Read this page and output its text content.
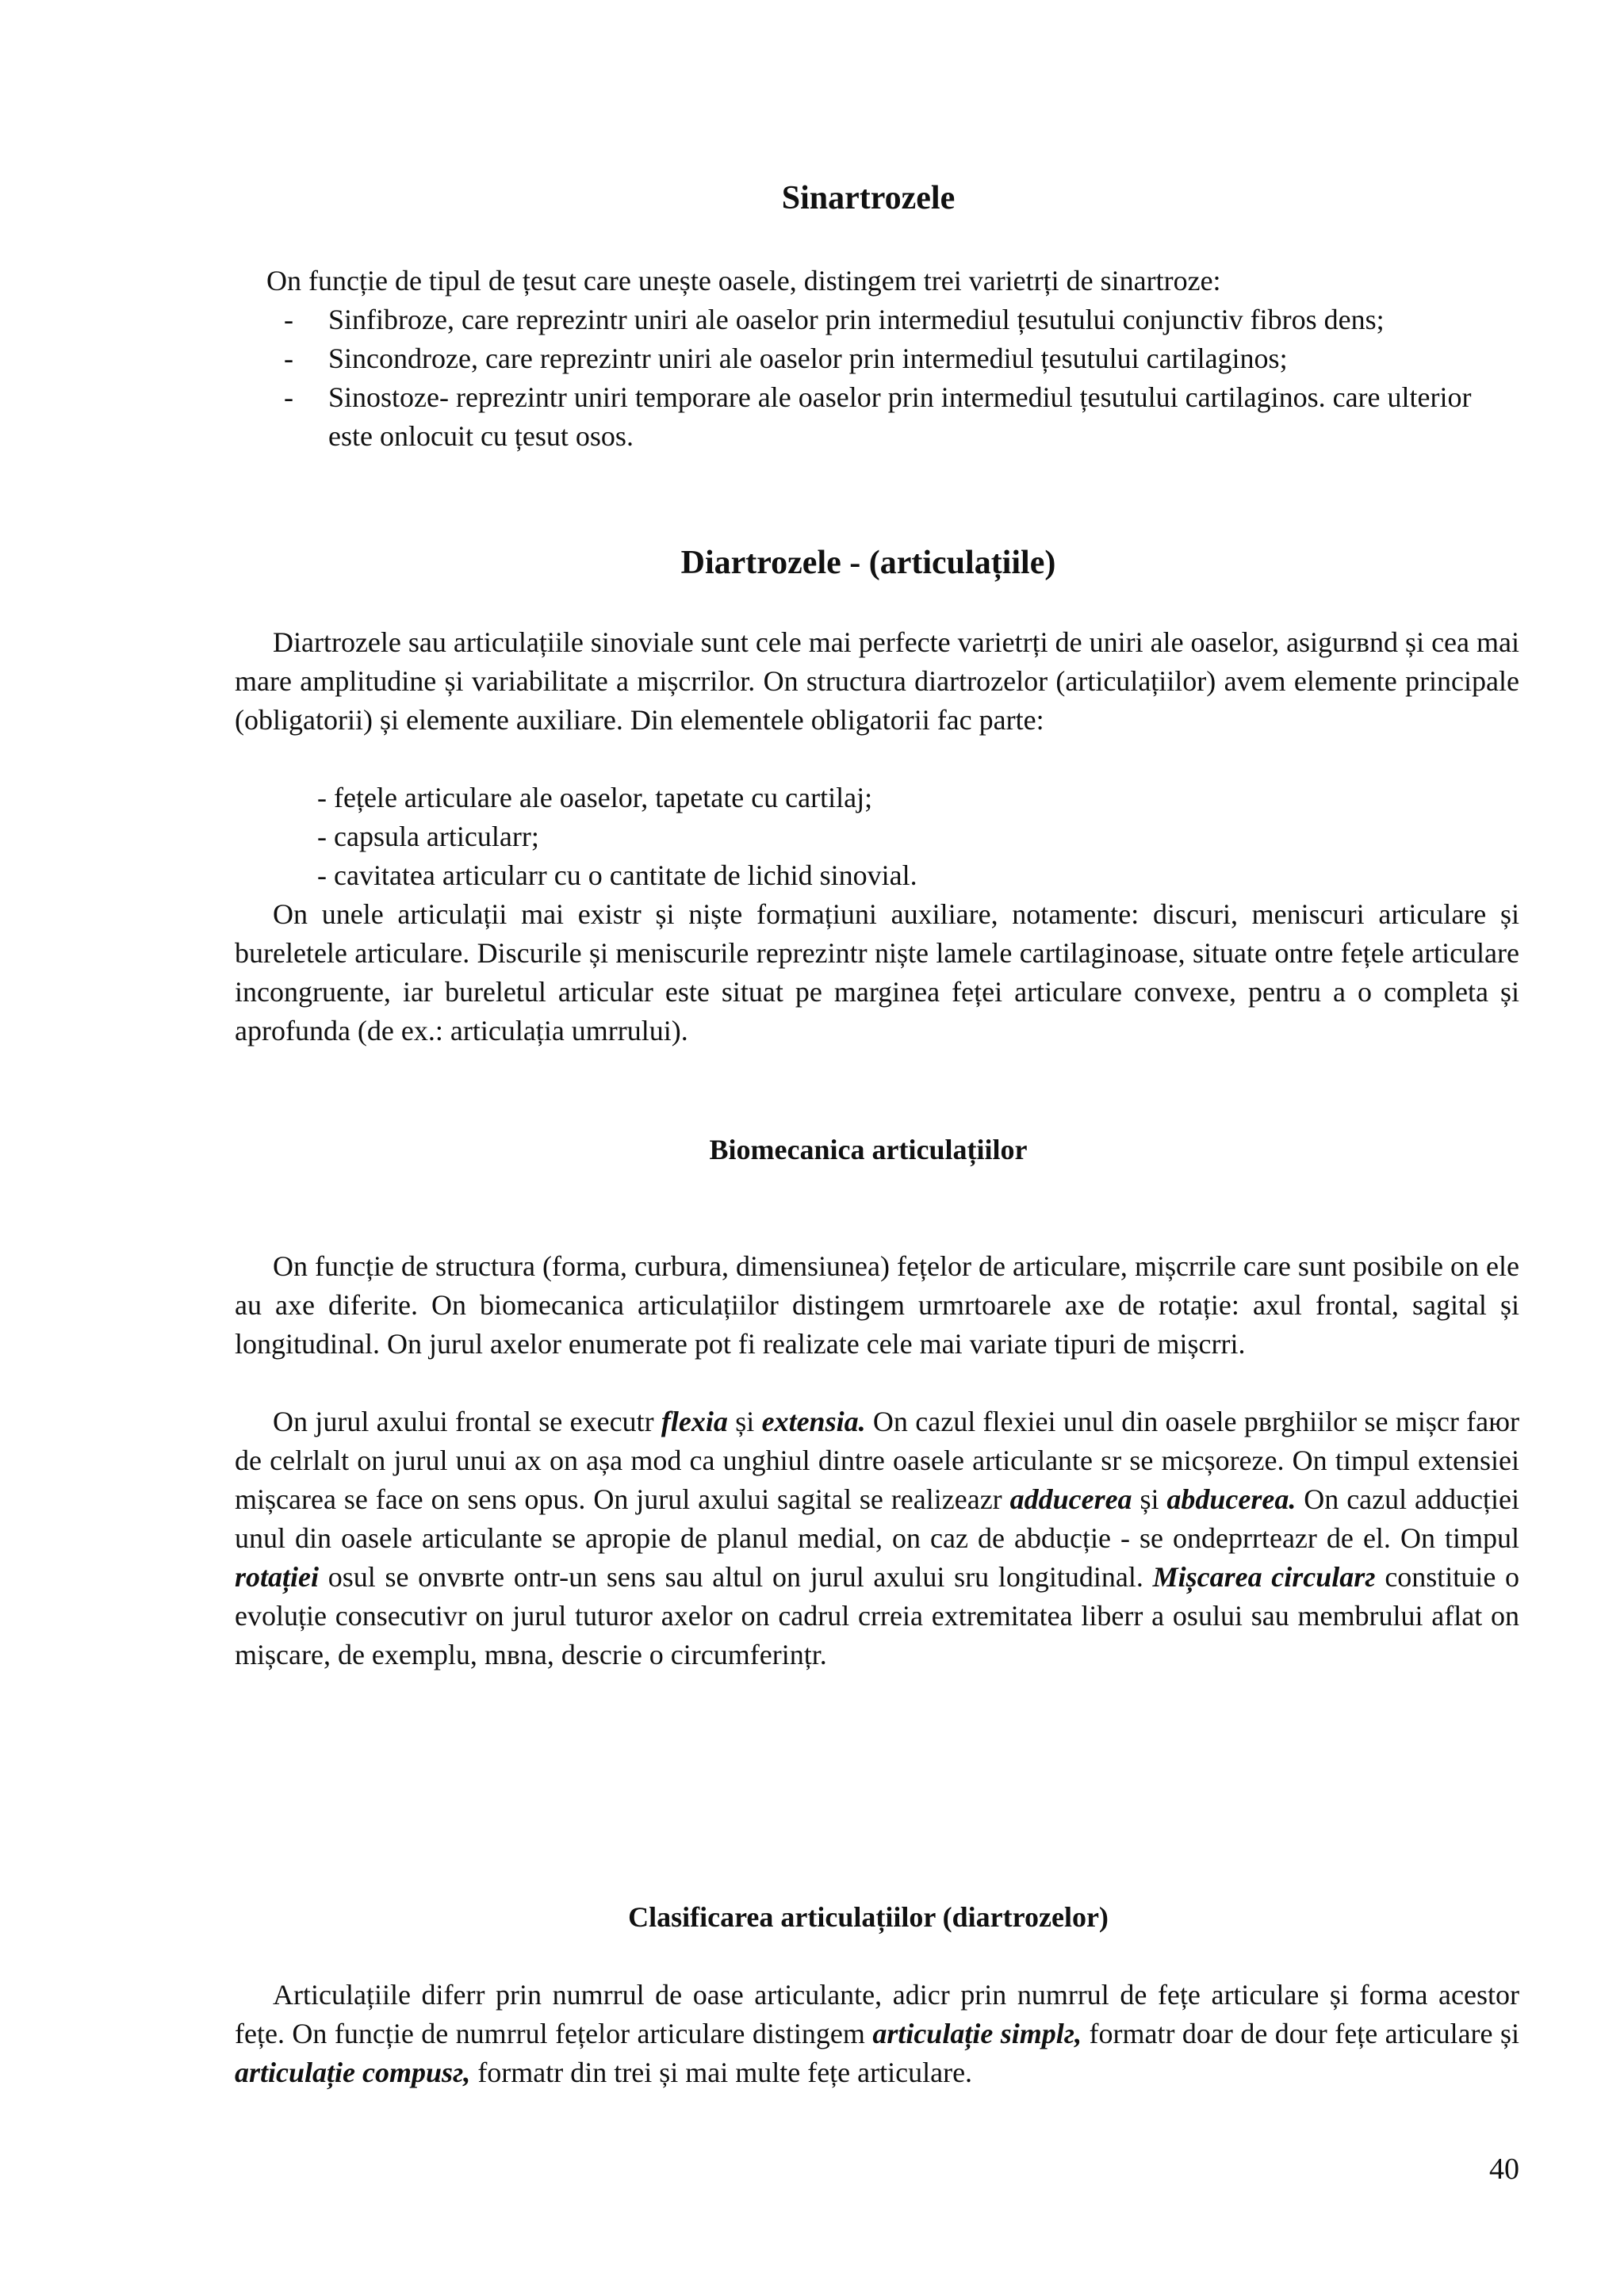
Sinartrozele

On funcție de tipul de țesut care unește oasele, distingem trei varietrți de sinartroze:

- Sinfibroze, care reprezintr uniri ale oaselor prin intermediul țesutului conjunctiv fibros dens;
- Sincondroze, care reprezintr uniri ale oaselor prin intermediul țesutului cartilaginos;
- Sinostoze- reprezintr uniri temporare ale oaselor prin intermediul țesutului cartilaginos. care ulterior este onlocuit cu țesut osos.
Diartrozele - (articulațiile)

Diartrozele sau articulațiile sinoviale sunt cele mai perfecte varietrți de uniri ale oaselor, asigurвnd și cea mai mare amplitudine și variabilitate a mișcrrilor. On structura diartrozelor (articulațiilor) avem elemente principale (obligatorii) și elemente auxiliare. Din elementele obligatorii fac parte:

- fețele articulare ale oaselor, tapetate cu cartilaj;
- capsula articularr;
- cavitatea articularr cu o cantitate de lichid sinovial.

On unele articulații mai existr și niște formațiuni auxiliare, notamente: discuri, meniscuri articulare și bureletele articulare. Discurile și meniscurile reprezintr niște lamele cartilaginoase, situate ontre fețele articulare incongruente, iar bureletul articular este situat pe marginea feței articulare convexe, pentru a o completa și aprofunda (de ex.: articulația umrrului).

Biomecanica articulațiilor

On funcție de structura (forma, curbura, dimensiunea) fețelor de articulare, mișcrrile care sunt posibile on ele au axe diferite. On biomecanica articulațiilor distingem urmrtoarele axe de rotație: axul frontal, sagital și longitudinal. On jurul axelor enumerate pot fi realizate cele mai variate tipuri de mișcrri.

On jurul axului frontal se executr flexia și extensia. On cazul flexiei unul din oasele pвrghiilor se mișcr faюr de celrlalt on jurul unui ax on așa mod ca unghiul dintre oasele articulante sr se micșoreze. On timpul extensiei mișcarea se face on sens opus. On jurul axului sagital se realizeazr adducerea și abducerea. On cazul adducției unul din oasele articulante se apropie de planul medial, on caz de abducție - se ondeprrteazr de el. On timpul rotației osul se onvвrte ontr-un sens sau altul on jurul axului sru longitudinal. Mișcarea circularг constituie o evoluție consecutivr on jurul tuturor axelor on cadrul crreia extremitatea liberr a osului sau membrului aflat on mișcare, de exemplu, mвna, descrie o circumferințr.

Clasificarea articulațiilor (diartrozelor)

Articulațiile diferr prin numrrul de oase articulante, adicr prin numrrul de fețe articulare și forma acestor fețe. On funcție de numrrul fețelor articulare distingem articulație simplг, formatr doar de dour fețe articulare și articulație compusг, formatr din trei și mai multe fețe articulare.

40
